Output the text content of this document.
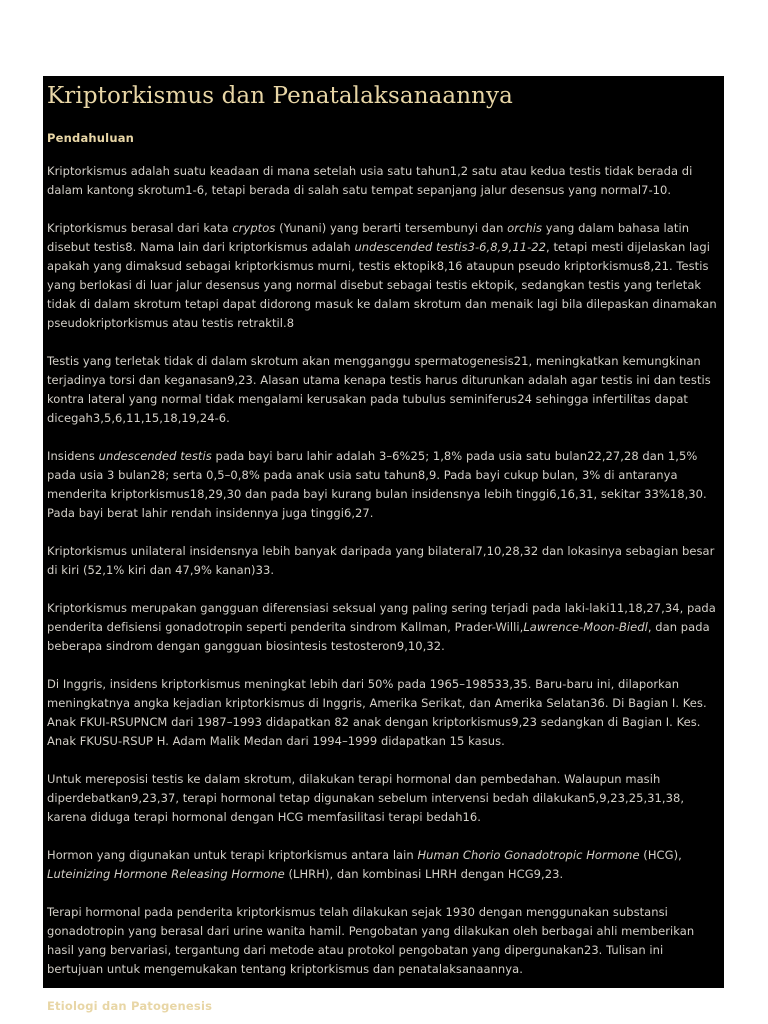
Kriptorkismus dan Penatalaksanaannya
Pendahuluan

Kriptorkismus adalah suatu keadaan di mana setelah usia satu tahun1,2 satu atau kedua testis tidak berada di dalam kantong skrotum1-6, tetapi berada di salah satu tempat sepanjang jalur desensus yang normal7-10.

Kriptorkismus berasal dari kata cryptos (Yunani) yang berarti tersembunyi dan orchis yang dalam bahasa latin disebut testis8. Nama lain dari kriptorkismus adalah undescended testis3-6,8,9,11-22, tetapi mesti dijelaskan lagi apakah yang dimaksud sebagai kriptorkismus murni, testis ektopik8,16 ataupun pseudo kriptorkismus8,21. Testis yang berlokasi di luar jalur desensus yang normal disebut sebagai testis ektopik, sedangkan testis yang terletak tidak di dalam skrotum tetapi dapat didorong masuk ke dalam skrotum dan menaik lagi bila dilepaskan dinamakan pseudokriptorkismus atau testis retraktil.8

Testis yang terletak tidak di dalam skrotum akan mengganggu spermatogenesis21, meningkatkan kemungkinan terjadinya torsi dan keganasan9,23. Alasan utama kenapa testis harus diturunkan adalah agar testis ini dan testis kontra lateral yang normal tidak mengalami kerusakan pada tubulus seminiferus24 sehingga infertilitas dapat dicegah3,5,6,11,15,18,19,24-6.

Insidens undescended testis pada bayi baru lahir adalah 3–6%25; 1,8% pada usia satu bulan22,27,28 dan 1,5% pada usia 3 bulan28; serta 0,5–0,8% pada anak usia satu tahun8,9. Pada bayi cukup bulan, 3% di antaranya menderita kriptorkismus18,29,30 dan pada bayi kurang bulan insidensnya lebih tinggi6,16,31, sekitar 33%18,30. Pada bayi berat lahir rendah insidennya juga tinggi6,27.

Kriptorkismus unilateral insidensnya lebih banyak daripada yang bilateral7,10,28,32 dan lokasinya sebagian besar di kiri (52,1% kiri dan 47,9% kanan)33.

Kriptorkismus merupakan gangguan diferensiasi seksual yang paling sering terjadi pada laki-laki11,18,27,34, pada penderita defisiensi gonadotropin seperti penderita sindrom Kallman, Prader-Willi,Lawrence-Moon-Biedl, dan pada beberapa sindrom dengan gangguan biosintesis testosteron9,10,32.

Di Inggris, insidens kriptorkismus meningkat lebih dari 50% pada 1965–198533,35. Baru-baru ini, dilaporkan meningkatnya angka kejadian kriptorkismus di Inggris, Amerika Serikat, dan Amerika Selatan36. Di Bagian I. Kes. Anak FKUI-RSUPNCM dari 1987–1993 didapatkan 82 anak dengan kriptorkismus9,23 sedangkan di Bagian I. Kes. Anak FKUSU-RSUP H. Adam Malik Medan dari 1994–1999 didapatkan 15 kasus.

Untuk mereposisi testis ke dalam skrotum, dilakukan terapi hormonal dan pembedahan. Walaupun masih diperdebatkan9,23,37, terapi hormonal tetap digunakan sebelum intervensi bedah dilakukan5,9,23,25,31,38, karena diduga terapi hormonal dengan HCG memfasilitasi terapi bedah16.

Hormon yang digunakan untuk terapi kriptorkismus antara lain Human Chorio Gonadotropic Hormone (HCG), Luteinizing Hormone Releasing Hormone (LHRH), dan kombinasi LHRH dengan HCG9,23.

Terapi hormonal pada penderita kriptorkismus telah dilakukan sejak 1930 dengan menggunakan substansi gonadotropin yang berasal dari urine wanita hamil. Pengobatan yang dilakukan oleh berbagai ahli memberikan hasil yang bervariasi, tergantung dari metode atau protokol pengobatan yang dipergunakan23. Tulisan ini bertujuan untuk mengemukakan tentang kriptorkismus dan penatalaksanaannya.

Etiologi dan Patogenesis
